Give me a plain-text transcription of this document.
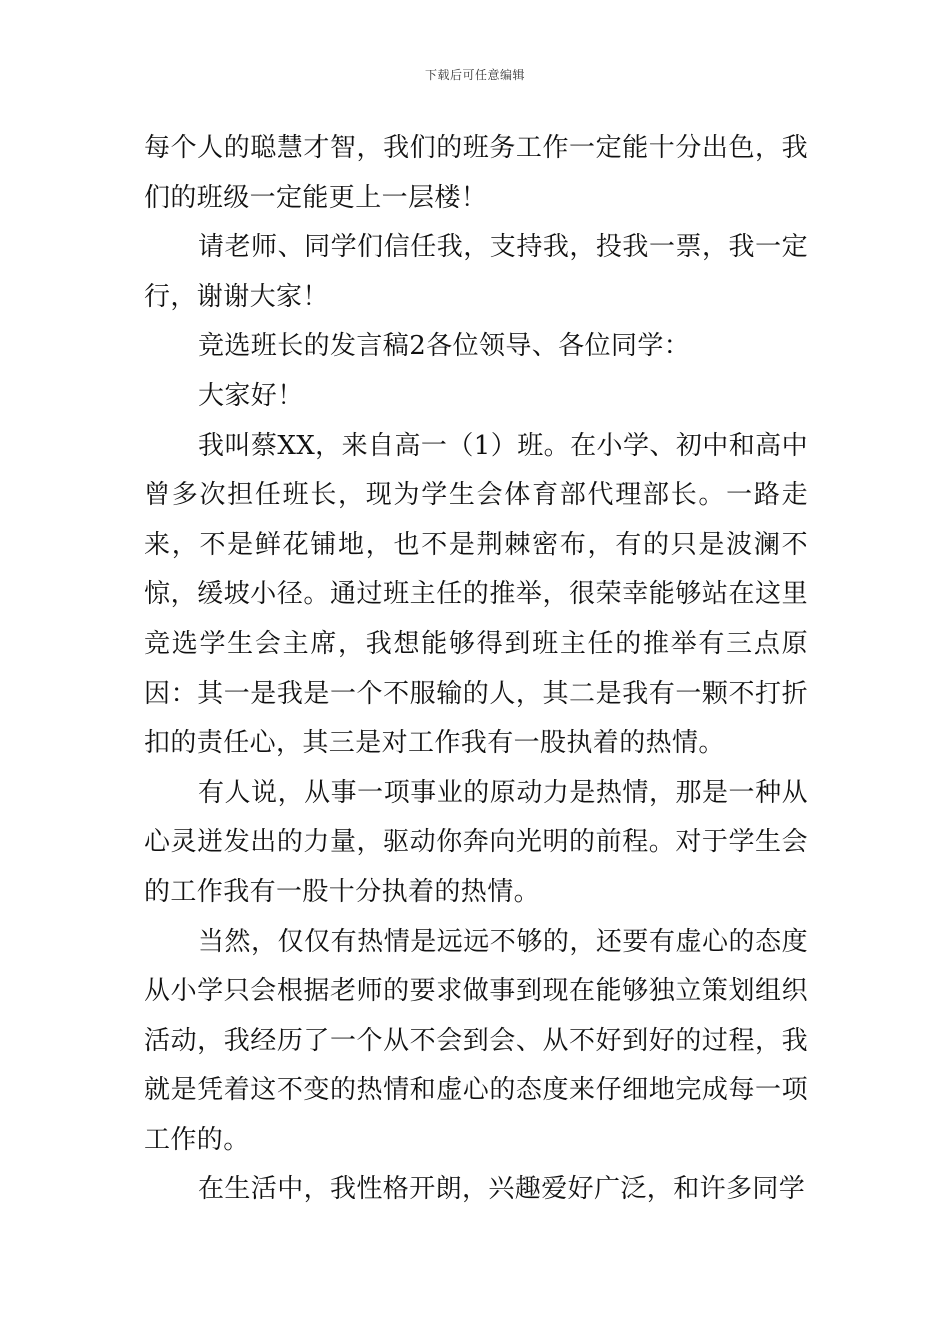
下载后可任意编辑

每个人的聪慧才智，我们的班务工作一定能十分出色，我们的班级一定能更上一层楼！

请老师、同学们信任我，支持我，投我一票，我一定行，谢谢大家！

竞选班长的发言稿2各位领导、各位同学：

大家好！

我叫蔡XX，来自高一（1）班。在小学、初中和高中曾多次担任班长，现为学生会体育部代理部长。一路走来，不是鲜花铺地，也不是荆棘密布，有的只是波澜不惊，缓坡小径。通过班主任的推举，很荣幸能够站在这里竞选学生会主席，我想能够得到班主任的推举有三点原因：其一是我是一个不服输的人，其二是我有一颗不打折扣的责任心，其三是对工作我有一股执着的热情。

有人说，从事一项事业的原动力是热情，那是一种从心灵迸发出的力量，驱动你奔向光明的前程。对于学生会的工作我有一股十分执着的热情。

当然，仅仅有热情是远远不够的，还要有虚心的态度从小学只会根据老师的要求做事到现在能够独立策划组织活动，我经历了一个从不会到会、从不好到好的过程，我就是凭着这不变的热情和虚心的态度来仔细地完成每一项工作的。

在生活中，我性格开朗，兴趣爱好广泛，和许多同学
